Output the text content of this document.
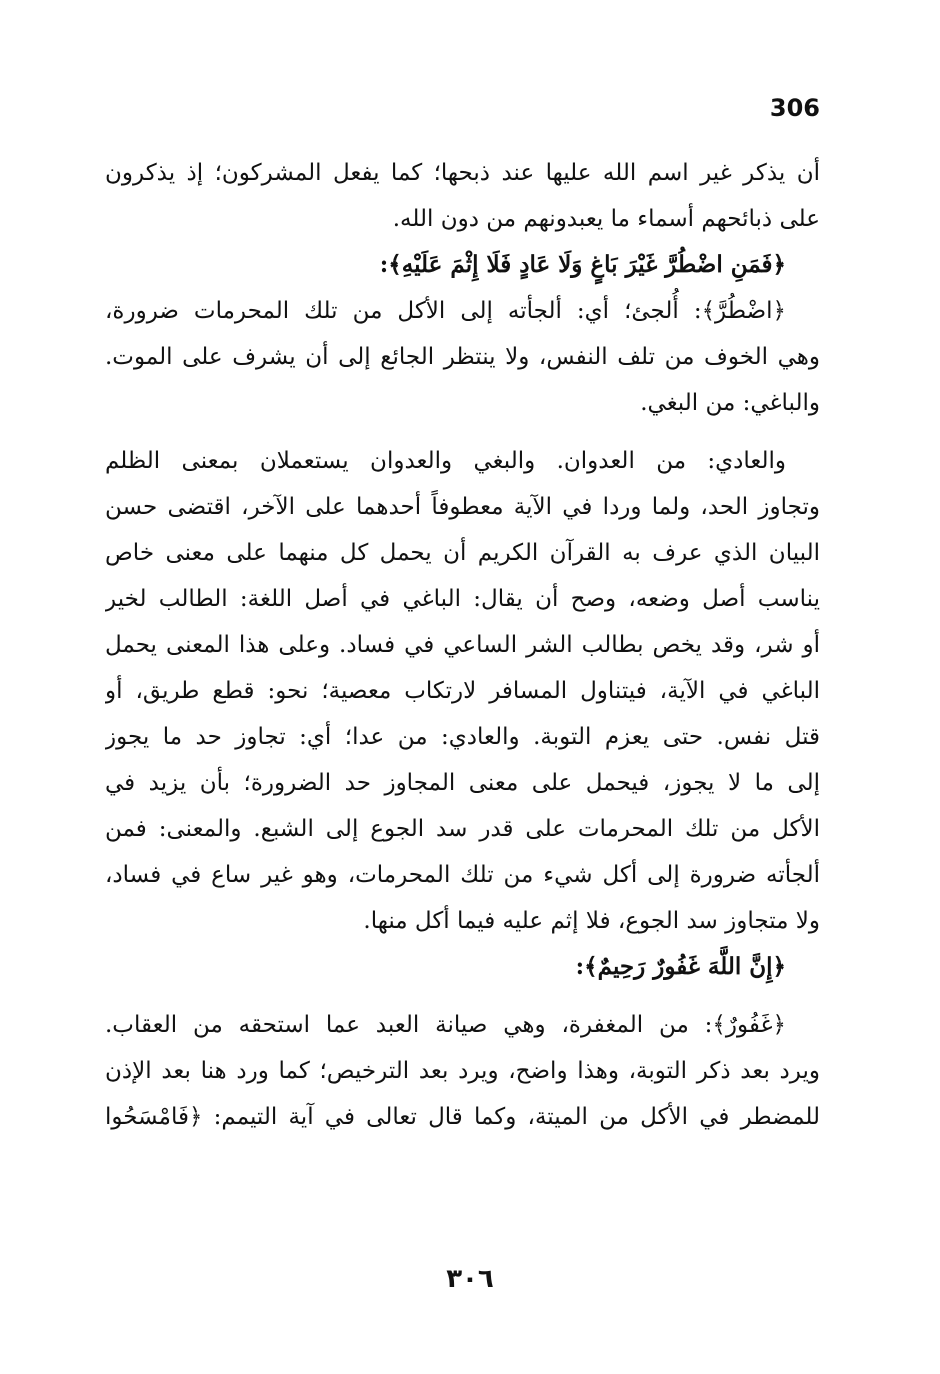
306
أن يذكر غير اسم الله عليها عند ذبحها؛ كما يفعل المشركون؛ إذ يذكرون
على ذبائحهم أسماء ما يعبدونهم من دون الله.
﴿فَمَنِ اضْطُرَّ غَيْرَ بَاغٍ وَلَا عَادٍ فَلَا إِثْمَ عَلَيْهِ﴾:
﴿اضْطُرَّ﴾: أُلجئ؛ أي: ألجأته إلى الأكل من تلك المحرمات ضرورة،
وهي الخوف من تلف النفس، ولا ينتظر الجائع إلى أن يشرف على الموت.
والباغي: من البغي.
والعادي: من العدوان. والبغي والعدوان يستعملان بمعنى الظلم
وتجاوز الحد، ولما وردا في الآية معطوفاً أحدهما على الآخر، اقتضى حسن
البيان الذي عرف به القرآن الكريم أن يحمل كل منهما على معنى خاص
يناسب أصل وضعه، وصح أن يقال: الباغي في أصل اللغة: الطالب لخير
أو شر، وقد يخص بطالب الشر الساعي في فساد. وعلى هذا المعنى يحمل
الباغي في الآية، فيتناول المسافر لارتكاب معصية؛ نحو: قطع طريق، أو
قتل نفس. حتى يعزم التوبة. والعادي: من عدا؛ أي: تجاوز حد ما يجوز
إلى ما لا يجوز، فيحمل على معنى المجاوز حد الضرورة؛ بأن يزيد في
الأكل من تلك المحرمات على قدر سد الجوع إلى الشبع. والمعنى: فمن
ألجأته ضرورة إلى أكل شيء من تلك المحرمات، وهو غير ساع في فساد،
ولا متجاوز سد الجوع، فلا إثم عليه فيما أكل منها.
﴿إِنَّ اللَّهَ غَفُورٌ رَحِيمٌ﴾:
﴿غَفُورٌ﴾: من المغفرة، وهي صيانة العبد عما استحقه من العقاب.
ويرد بعد ذكر التوبة، وهذا واضح، ويرد بعد الترخيص؛ كما ورد هنا بعد الإذن
للمضطر في الأكل من الميتة، وكما قال تعالى في آية التيمم: ﴿فَامْسَحُوا
٣٠٦
